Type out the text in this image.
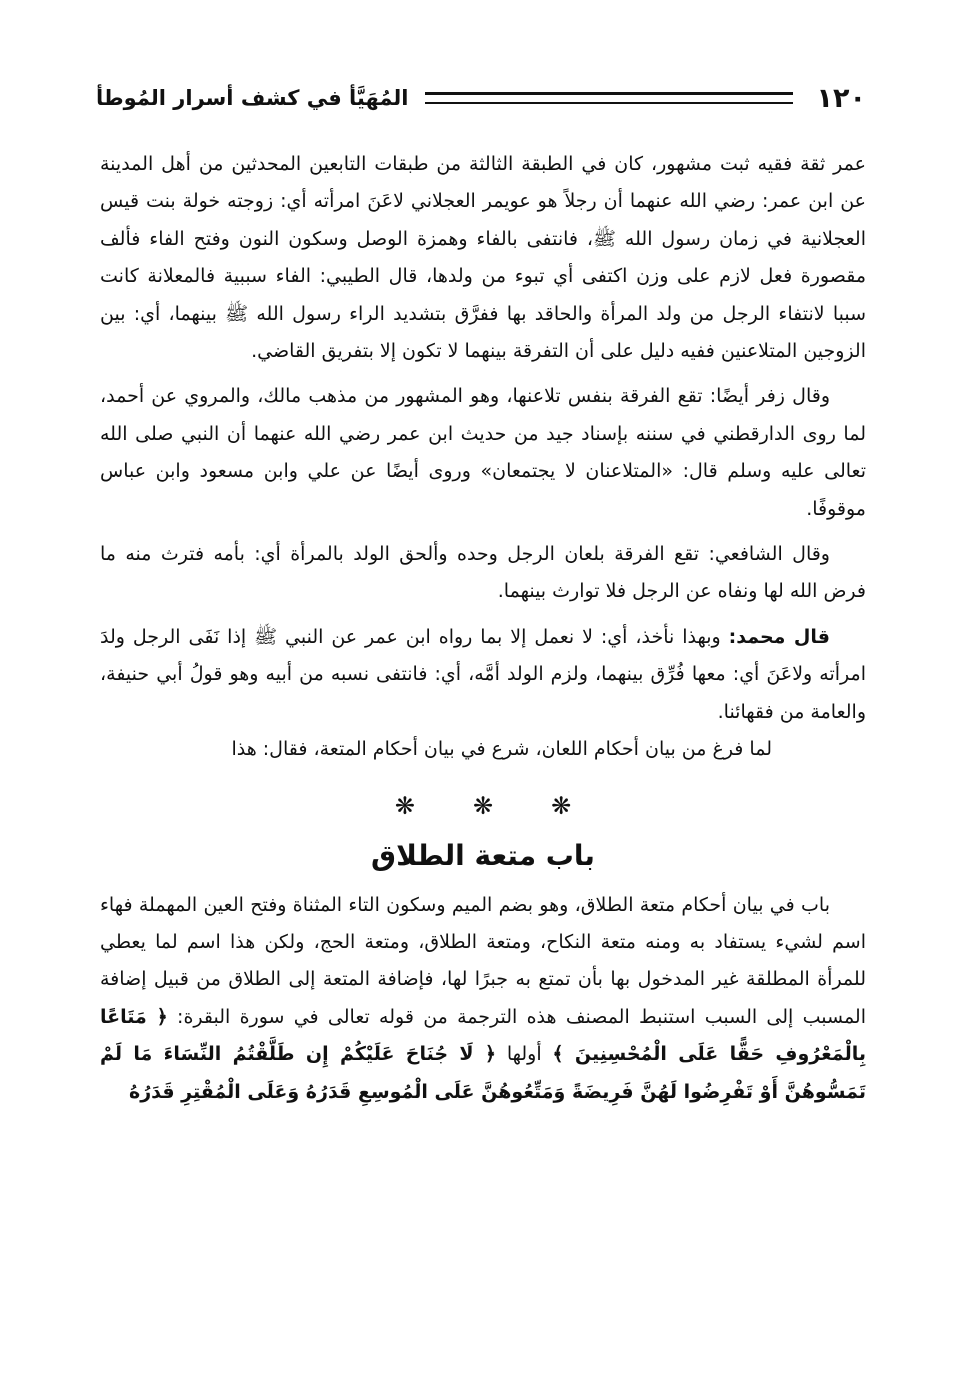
١٢٠
المُهَيَّأ في كشف أسرار المُوطأ

عمر ثقة فقيه ثبت مشهور، كان في الطبقة الثالثة من طبقات التابعين المحدثين من أهل المدينة عن ابن عمر: رضي الله عنهما أن رجلاً هو عويمر العجلاني لاعَنَ امرأته أي: زوجته خولة بنت قيس العجلانية في زمان رسول الله ﷺ، فانتفى بالفاء وهمزة الوصل وسكون النون وفتح الفاء فألف مقصورة فعل لازم على وزن اكتفى أي تبوء من ولدها، قال الطيبي: الفاء سببية فالمعلانة كانت سببا لانتفاء الرجل من ولد المرأة والحاقد بها ففرَّق بتشديد الراء رسول الله ﷺ بينهما، أي: بين الزوجين المتلاعنين ففيه دليل على أن التفرقة بينهما لا تكون إلا بتفريق القاضي.

وقال زفر أيضًا: تقع الفرقة بنفس تلاعنها، وهو المشهور من مذهب مالك، والمروي عن أحمد، لما روى الدارقطني في سننه بإسناد جيد من حديث ابن عمر رضي الله عنهما أن النبي صلى الله تعالى عليه وسلم قال: «المتلاعنان لا يجتمعان» وروى أيضًا عن علي وابن مسعود وابن عباس موقوفًا.

وقال الشافعي: تقع الفرقة بلعان الرجل وحده وألحق الولد بالمرأة أي: بأمه فترث منه ما فرض الله لها ونفاه عن الرجل فلا توارث بينهما.

قال محمد: وبهذا نأخذ، أي: لا نعمل إلا بما رواه ابن عمر عن النبي ﷺ إذا نَفَى الرجل ولدَ امرأته ولاعَنَ أي: معها فُرِّق بينهما، ولزم الولد أمَّه، أي: فانتفى نسبه من أبيه وهو قولُ أبي حنيفة، والعامة من فقهائنا.

لما فرغ من بيان أحكام اللعان، شرع في بيان أحكام المتعة، فقال: هذا

❋
❋
❋
باب متعة الطلاق

باب في بيان أحكام متعة الطلاق، وهو بضم الميم وسكون التاء المثناة وفتح العين المهملة فهاء اسم لشيء يستفاد به ومنه متعة النكاح، ومتعة الطلاق، ومتعة الحج، ولكن هذا اسم لما يعطي للمرأة المطلقة غير المدخول بها بأن تمتع به جبرًا لها، فإضافة المتعة إلى الطلاق من قبيل إضافة المسبب إلى السبب استنبط المصنف هذه الترجمة من قوله تعالى في سورة البقرة: ﴿ مَتَاعًا بِالْمَعْرُوفِ حَقًّا عَلَى الْمُحْسِنِينَ ﴾ أولها ﴿ لَا جُنَاحَ عَلَيْكُمْ إِن طَلَّقْتُمُ النِّسَاءَ مَا لَمْ تَمَسُّوهُنَّ أَوْ تَفْرِضُوا لَهُنَّ فَرِيضَةً وَمَتِّعُوهُنَّ عَلَى الْمُوسِعِ قَدَرُهُ وَعَلَى الْمُقْتِرِ قَدَرُهُ
